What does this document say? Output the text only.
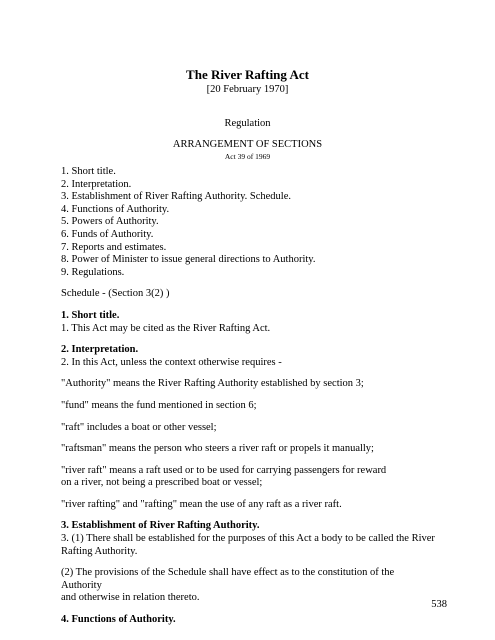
The River Rafting Act
[20 February 1970]
Regulation
ARRANGEMENT OF SECTIONS
Act 39 of 1969

1. Short title.
2. Interpretation.
3. Establishment of River Rafting Authority. Schedule.
4. Functions of Authority.
5. Powers of Authority.
6. Funds of Authority.
7. Reports and estimates.
8. Power of Minister to issue general directions to Authority.
9. Regulations.

Schedule - (Section 3(2) )

1. Short title.
1. This Act may be cited as the River Rafting Act.

2. Interpretation.
2. In this Act, unless the context otherwise requires -

"Authority" means the River Rafting Authority established by section 3;

"fund" means the fund mentioned in section 6;

"raft" includes a boat or other vessel;

"raftsman" means the person who steers a river raft or propels it manually;

"river raft" means a raft used or to be used for carrying passengers for reward
on a river, not being a prescribed boat or vessel;

"river rafting" and "rafting" mean the use of any raft as a river raft.

3. Establishment of River Rafting Authority.
3. (1) There shall be established for the purposes of this Act a body to be called the River
Rafting Authority.

(2) The provisions of the Schedule shall have effect as to the constitution of the Authority
and otherwise in relation thereto.

4. Functions of Authority.

538
